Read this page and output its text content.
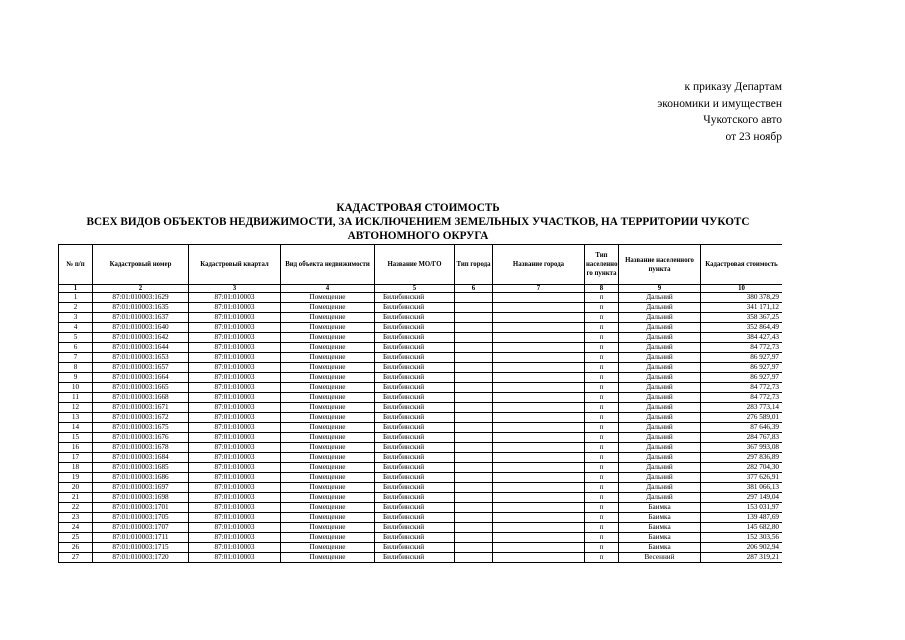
к приказу Департам
экономики и имуществен
Чукотского авто
от 23 ноябр
КАДАСТРОВАЯ СТОИМОСТЬ
ВСЕХ ВИДОВ ОБЪЕКТОВ НЕДВИЖИМОСТИ, ЗА ИСКЛЮЧЕНИЕМ ЗЕМЕЛЬНЫХ УЧАСТКОВ, НА ТЕРРИТОРИИ ЧУКОТС
АВТОНОМНОГО ОКРУГА
№ п/п	Кадастровый номер	Кадастровый квартал	Вид объекта недвижимости	Название МО/ГО	Тип города	Название города	Тип населенно го пункта	Название населенного пункта	Кадастровая стоимость
1	2	3	4	5	6	7	8	9	10
1	87:01:010003:1629	87:01:010003	Помещение	Билибинский			п	Дальний	380 378,29
2	87:01:010003:1635	87:01:010003	Помещение	Билибинский			п	Дальний	341 171,12
3	87:01:010003:1637	87:01:010003	Помещение	Билибинский			п	Дальний	358 367,25
4	87:01:010003:1640	87:01:010003	Помещение	Билибинский			п	Дальний	352 864,49
5	87:01:010003:1642	87:01:010003	Помещение	Билибинский			п	Дальний	384 427,43
6	87:01:010003:1644	87:01:010003	Помещение	Билибинский			п	Дальний	84 772,73
7	87:01:010003:1653	87:01:010003	Помещение	Билибинский			п	Дальний	86 927,97
8	87:01:010003:1657	87:01:010003	Помещение	Билибинский			п	Дальний	86 927,97
9	87:01:010003:1664	87:01:010003	Помещение	Билибинский			п	Дальний	86 927,97
10	87:01:010003:1665	87:01:010003	Помещение	Билибинский			п	Дальний	84 772,73
11	87:01:010003:1668	87:01:010003	Помещение	Билибинский			п	Дальний	84 772,73
12	87:01:010003:1671	87:01:010003	Помещение	Билибинский			п	Дальний	283 773,14
13	87:01:010003:1672	87:01:010003	Помещение	Билибинский			п	Дальний	276 589,01
14	87:01:010003:1675	87:01:010003	Помещение	Билибинский			п	Дальний	87 646,39
15	87:01:010003:1676	87:01:010003	Помещение	Билибинский			п	Дальний	284 767,83
16	87:01:010003:1678	87:01:010003	Помещение	Билибинский			п	Дальний	367 993,08
17	87:01:010003:1684	87:01:010003	Помещение	Билибинский			п	Дальний	297 836,89
18	87:01:010003:1685	87:01:010003	Помещение	Билибинский			п	Дальний	282 704,30
19	87:01:010003:1686	87:01:010003	Помещение	Билибинский			п	Дальний	377 626,91
20	87:01:010003:1697	87:01:010003	Помещение	Билибинский			п	Дальний	381 066,13
21	87:01:010003:1698	87:01:010003	Помещение	Билибинский			п	Дальний	297 149,04
22	87:01:010003:1701	87:01:010003	Помещение	Билибинский			п	Баимка	153 031,97
23	87:01:010003:1705	87:01:010003	Помещение	Билибинский			п	Баимка	139 487,69
24	87:01:010003:1707	87:01:010003	Помещение	Билибинский			п	Баимка	145 682,80
25	87:01:010003:1711	87:01:010003	Помещение	Билибинский			п	Баимка	152 303,56
26	87:01:010003:1715	87:01:010003	Помещение	Билибинский			п	Баимка	206 902,94
27	87:01:010003:1720	87:01:010003	Помещение	Билибинский			п	Весенний	287 319,21
